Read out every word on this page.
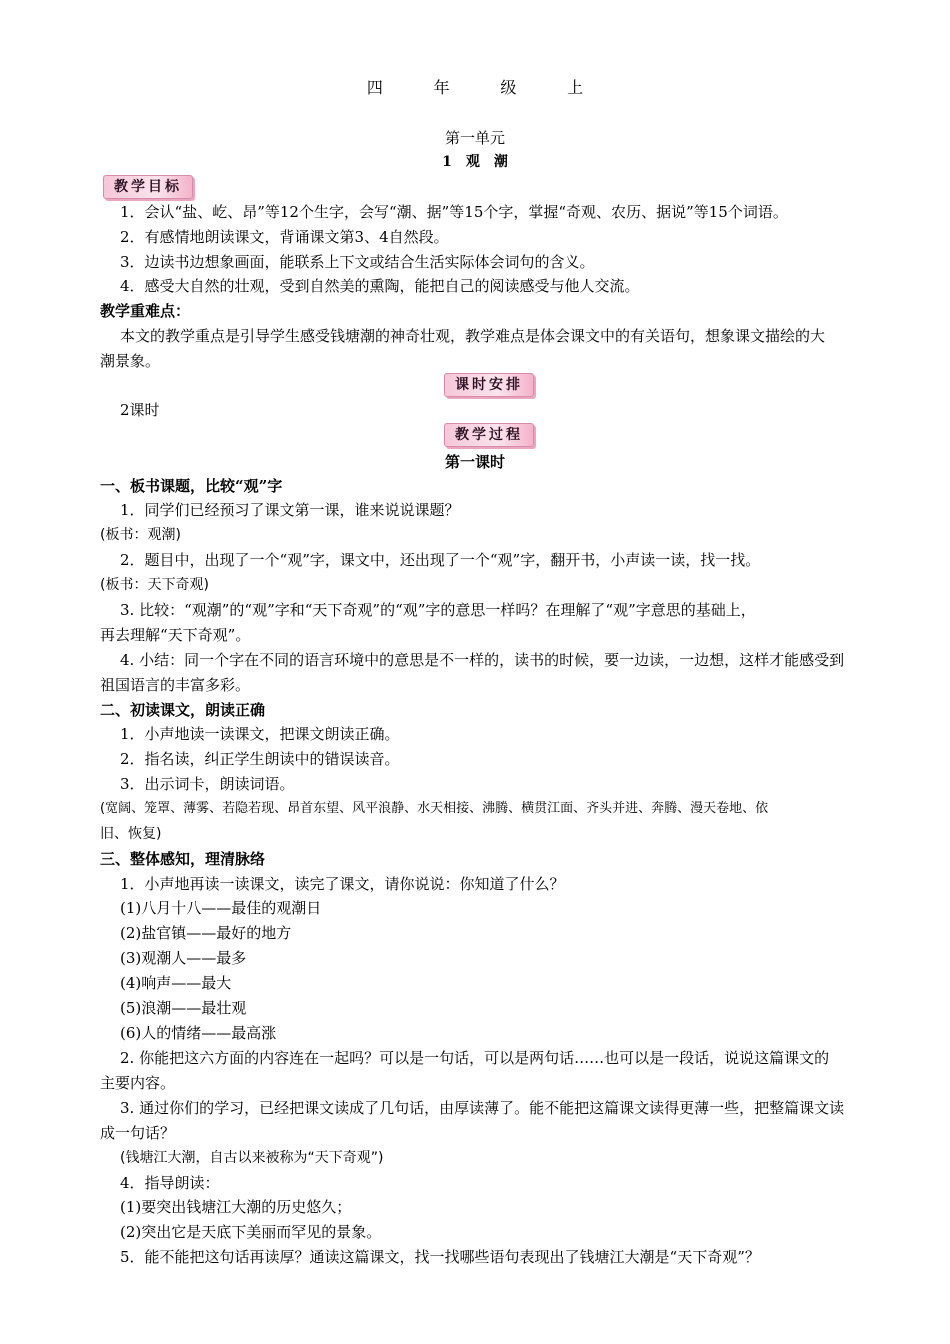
四	年	级	上
第一单元
1　观　潮
教学目标
1．会认“盐、屹、昂”等12个生字，会写“潮、据”等15个字，掌握“奇观、农历、据说”等15个词语。
2．有感情地朗读课文，背诵课文第3、4自然段。
3．边读书边想象画面，能联系上下文或结合生活实际体会词句的含义。
4．感受大自然的壮观，受到自然美的熏陶，能把自己的阅读感受与他人交流。
教学重难点：
本文的教学重点是引导学生感受钱塘潮的神奇壮观，教学难点是体会课文中的有关语句，想象课文描绘的大
潮景象。
课时安排
2课时
教学过程
第一课时
一、板书课题，比较“观”字
1．同学们已经预习了课文第一课，谁来说说课题？
(板书：观潮)
2．题目中，出现了一个“观”字，课文中，还出现了一个“观”字，翻开书，小声读一读，找一找。
(板书：天下奇观)
3. 比较：“观潮”的“观”字和“天下奇观”的“观”字的意思一样吗？在理解了“观”字意思的基础上，
再去理解“天下奇观”。
4. 小结：同一个字在不同的语言环境中的意思是不一样的，读书的时候，要一边读，一边想，这样才能感受到
祖国语言的丰富多彩。
二、初读课文，朗读正确
1．小声地读一读课文，把课文朗读正确。
2．指名读，纠正学生朗读中的错误读音。
3．出示词卡，朗读词语。
(宽阔、笼罩、薄雾、若隐若现、昂首东望、风平浪静、水天相接、沸腾、横贯江面、齐头并进、奔腾、漫天卷地、依
旧、恢复)
三、整体感知，理清脉络
1．小声地再读一读课文，读完了课文，请你说说：你知道了什么？
(1)八月十八——最佳的观潮日
(2)盐官镇——最好的地方
(3)观潮人——最多
(4)响声——最大
(5)浪潮——最壮观
(6)人的情绪——最高涨
2. 你能把这六方面的内容连在一起吗？可以是一句话，可以是两句话……也可以是一段话，说说这篇课文的
主要内容。
3. 通过你们的学习，已经把课文读成了几句话，由厚读薄了。能不能把这篇课文读得更薄一些，把整篇课文读
成一句话？
(钱塘江大潮，自古以来被称为“天下奇观”)
4．指导朗读：
(1)要突出钱塘江大潮的历史悠久；
(2)突出它是天底下美丽而罕见的景象。
5．能不能把这句话再读厚？通读这篇课文，找一找哪些语句表现出了钱塘江大潮是“天下奇观”？
